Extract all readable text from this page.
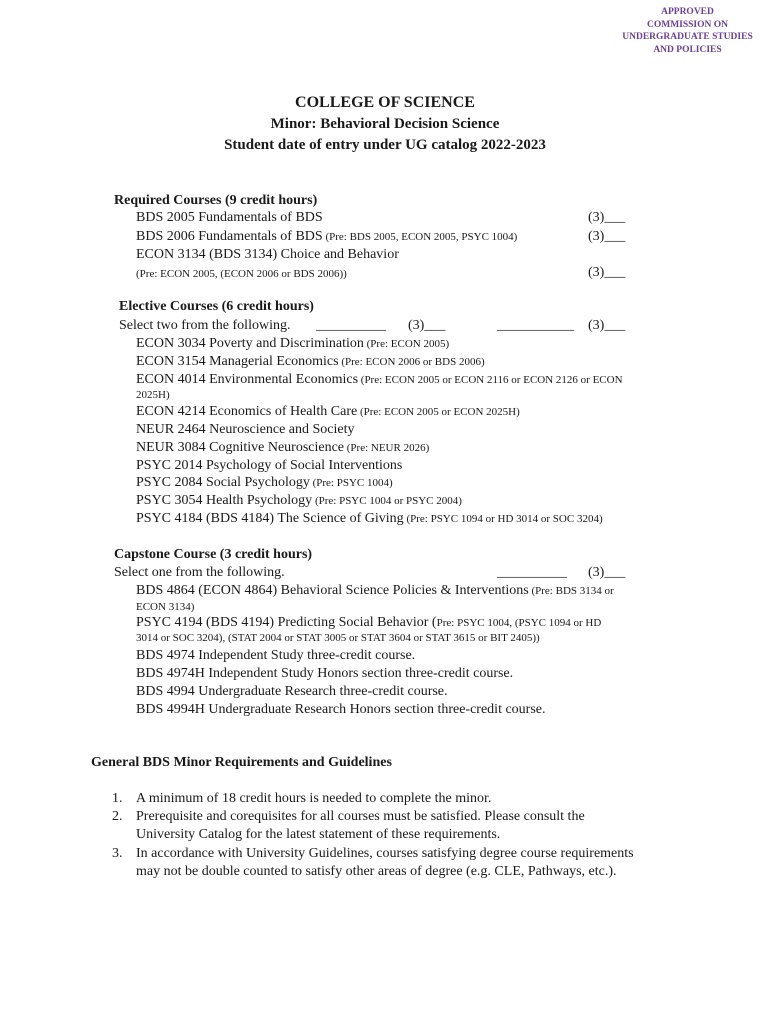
APPROVED
COMMISSION ON
UNDERGRADUATE STUDIES
AND POLICIES
COLLEGE OF SCIENCE
Minor: Behavioral Decision Science
Student date of entry under UG catalog 2022-2023
Required Courses (9 credit hours)
BDS 2005 Fundamentals of BDS	(3)___
BDS 2006 Fundamentals of BDS (Pre: BDS 2005, ECON 2005, PSYC 1004)	(3)___
ECON 3134 (BDS 3134) Choice and Behavior
(Pre: ECON 2005, (ECON 2006 or BDS 2006))	(3)___
Elective Courses (6 credit hours)
Select two from the following. __________ (3)___	___________ (3)___
ECON 3034 Poverty and Discrimination (Pre: ECON 2005)
ECON 3154 Managerial Economics (Pre: ECON 2006 or BDS 2006)
ECON 4014 Environmental Economics (Pre: ECON 2005 or ECON 2116 or ECON 2126 or ECON
2025H)
ECON 4214 Economics of Health Care (Pre: ECON 2005 or ECON 2025H)
NEUR 2464 Neuroscience and Society
NEUR 3084 Cognitive Neuroscience (Pre: NEUR 2026)
PSYC 2014 Psychology of Social Interventions
PSYC 2084 Social Psychology (Pre: PSYC 1004)
PSYC 3054 Health Psychology (Pre: PSYC 1004 or PSYC 2004)
PSYC 4184 (BDS 4184) The Science of Giving (Pre: PSYC 1094 or HD 3014 or SOC 3204)
Capstone Course (3 credit hours)
Select one from the following.	__________ (3)___
BDS 4864 (ECON 4864) Behavioral Science Policies & Interventions (Pre: BDS 3134 or
ECON 3134)
PSYC 4194 (BDS 4194) Predicting Social Behavior (Pre: PSYC 1004, (PSYC 1094 or HD
3014 or SOC 3204), (STAT 2004 or STAT 3005 or STAT 3604 or STAT 3615 or BIT 2405))
BDS 4974 Independent Study three-credit course.
BDS 4974H Independent Study Honors section three-credit course.
BDS 4994 Undergraduate Research three-credit course.
BDS 4994H Undergraduate Research Honors section three-credit course.
General BDS Minor Requirements and Guidelines
1. A minimum of 18 credit hours is needed to complete the minor.
2. Prerequisite and corequisites for all courses must be satisfied. Please consult the
University Catalog for the latest statement of these requirements.
3. In accordance with University Guidelines, courses satisfying degree course requirements
may not be double counted to satisfy other areas of degree (e.g. CLE, Pathways, etc.).
